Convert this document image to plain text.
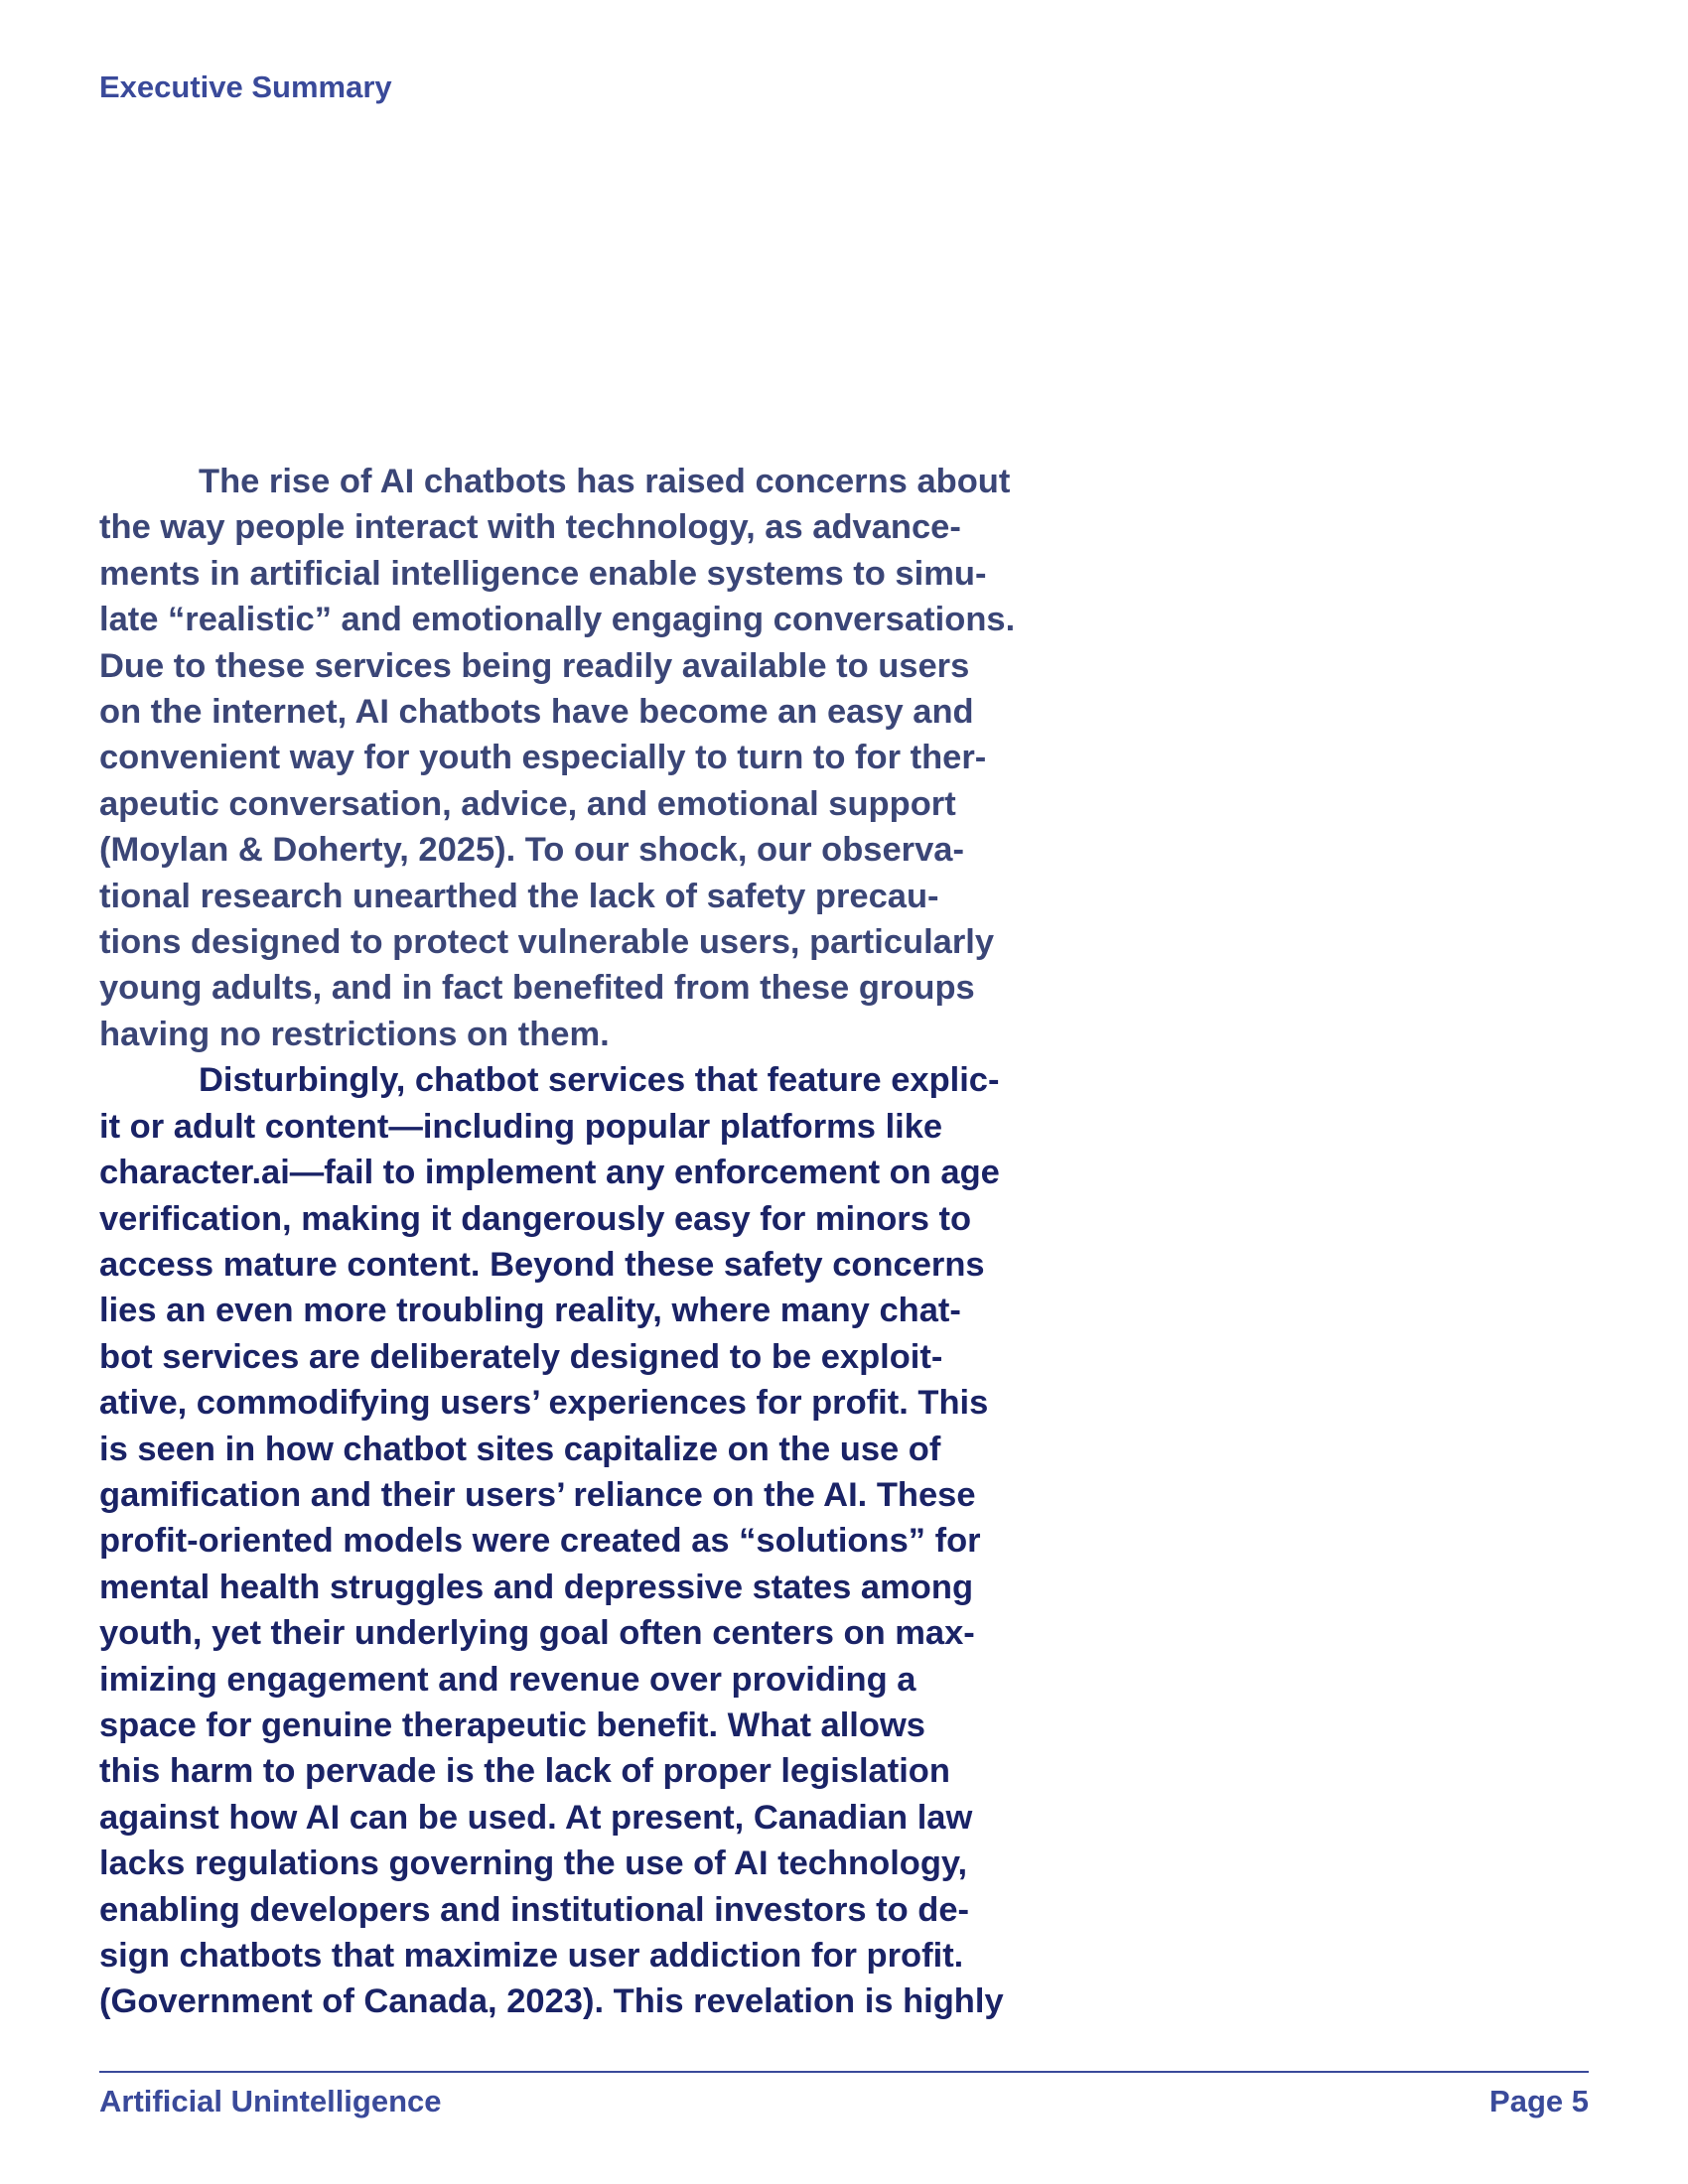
Executive Summary
The rise of AI chatbots has raised concerns about
the way people interact with technology, as advance-
ments in artificial intelligence enable systems to simu-
late “realistic” and emotionally engaging conversations.
Due to these services being readily available to users
on the internet, AI chatbots have become an easy and
convenient way for youth especially to turn to for ther-
apeutic conversation, advice, and emotional support
(Moylan & Doherty, 2025). To our shock, our observa-
tional research unearthed the lack of safety precau-
tions designed to protect vulnerable users, particularly
young adults, and in fact benefited from these groups
having no restrictions on them.
Disturbingly, chatbot services that feature explic-
it or adult content—including popular platforms like
character.ai—fail to implement any enforcement on age
verification, making it dangerously easy for minors to
access mature content. Beyond these safety concerns
lies an even more troubling reality, where many chat-
bot services are deliberately designed to be exploit-
ative, commodifying users’ experiences for profit. This
is seen in how chatbot sites capitalize on the use of
gamification and their users’ reliance on the AI. These
profit-oriented models were created as “solutions” for
mental health struggles and depressive states among
youth, yet their underlying goal often centers on max-
imizing engagement and revenue over providing a
space for genuine therapeutic benefit. What allows
this harm to pervade is the lack of proper legislation
against how AI can be used. At present, Canadian law
lacks regulations governing the use of AI technology,
enabling developers and institutional investors to de-
sign chatbots that maximize user addiction for profit.
(Government of Canada, 2023). This revelation is highly
Artificial Unintelligence	Page 5
